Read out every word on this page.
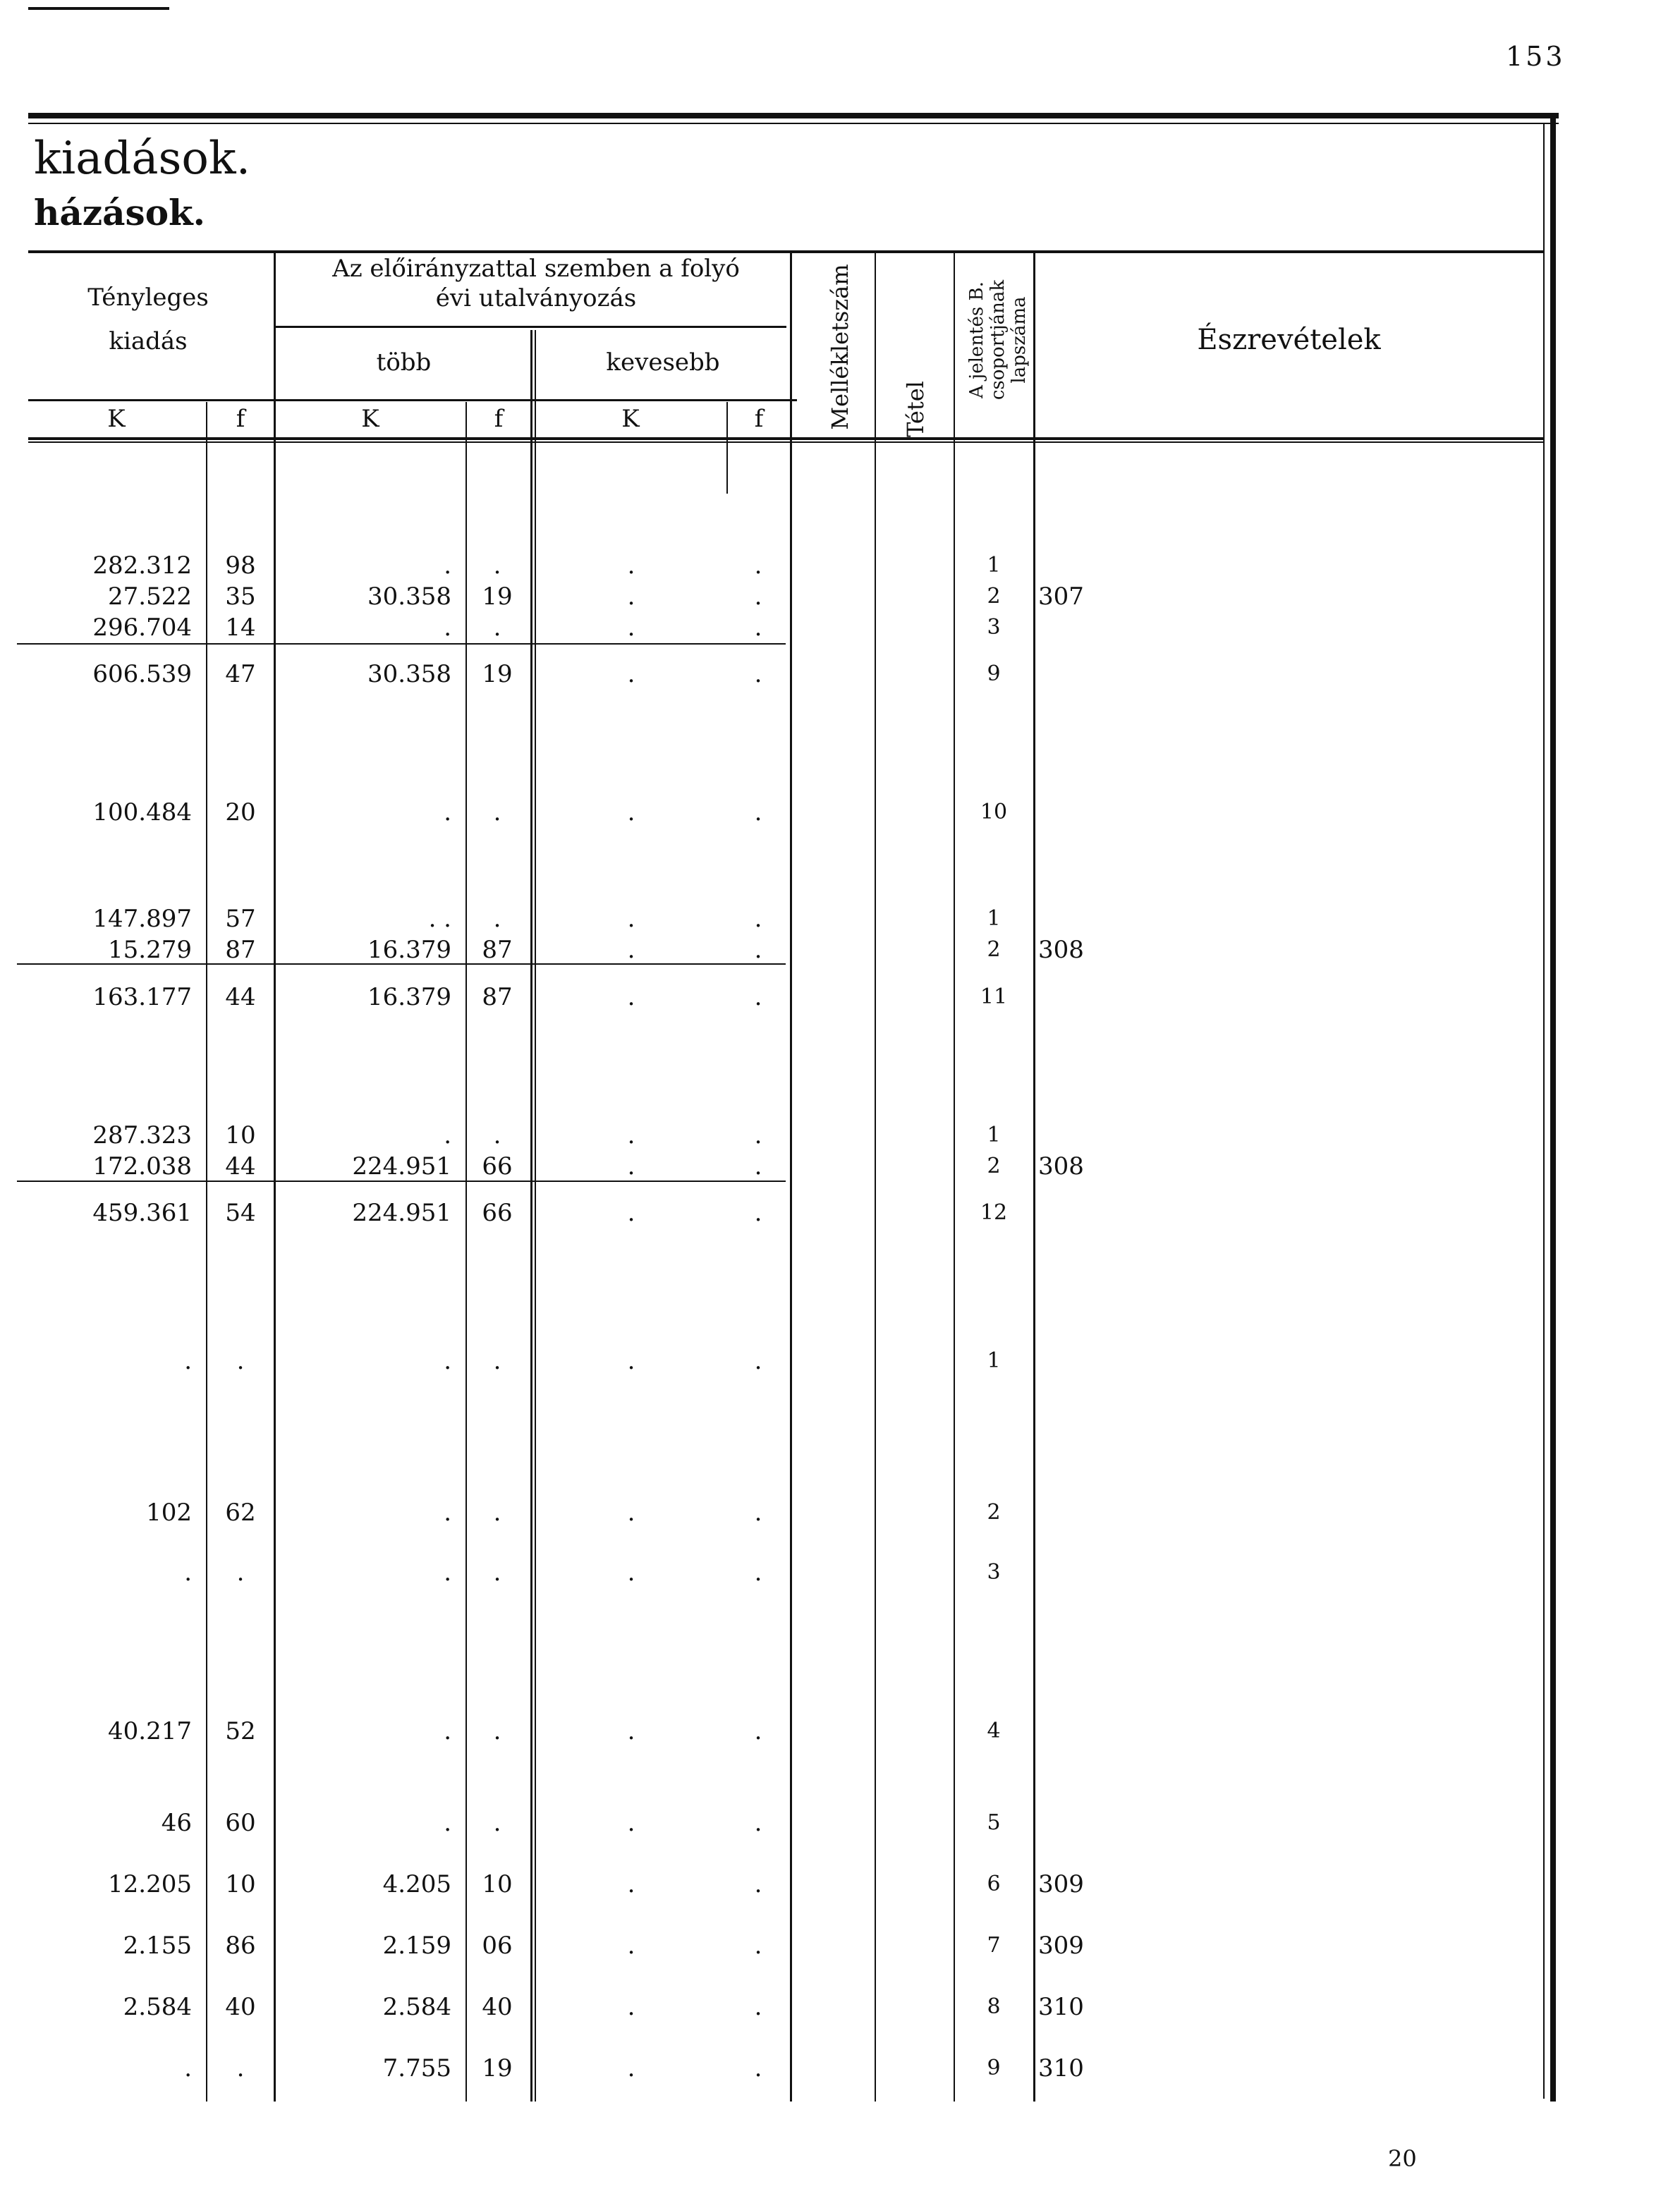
153
kiadások.
házások.
Tényleges
kiadás
Az előirányzattal szemben a folyó
évi utalványozás
több	kevesebb
K	f	K	f	K	f	Mellékletszám Tétel
A jelentés B. csoportjának lapszáma	Észrevételek
282.312	98	.	.	.	.	1
27.522	35	30.358	19	.	.	2	307
296.704	14	.	.	.	.	3
606.539	47	30.358	19	.	.	9
100.484	20	.	.	.	.	10
147.897	57	. .	.	.	.	1
15.279	87	16.379	87	.	.	2	308
163.177	44	16.379	87	.	.	11
287.323	10	.	.	.	.	1
172.038	44	224.951	66	.	.	2	308
459.361	54	224.951	66	.	.	12
.	.	.	.	.	.	1
102	62	.	.	.	.	2
.	.	.	.	.	.	3
40.217	52	.	.	.	.	4
46	60	.	.	.	.	5
12.205	10	4.205	10	.	.	6	309
2.155	86	2.159	06	.	.	7	309
2.584	40	2.584	40	.	.	8	310
.	.	7.755	19	.	.	9	310
20
